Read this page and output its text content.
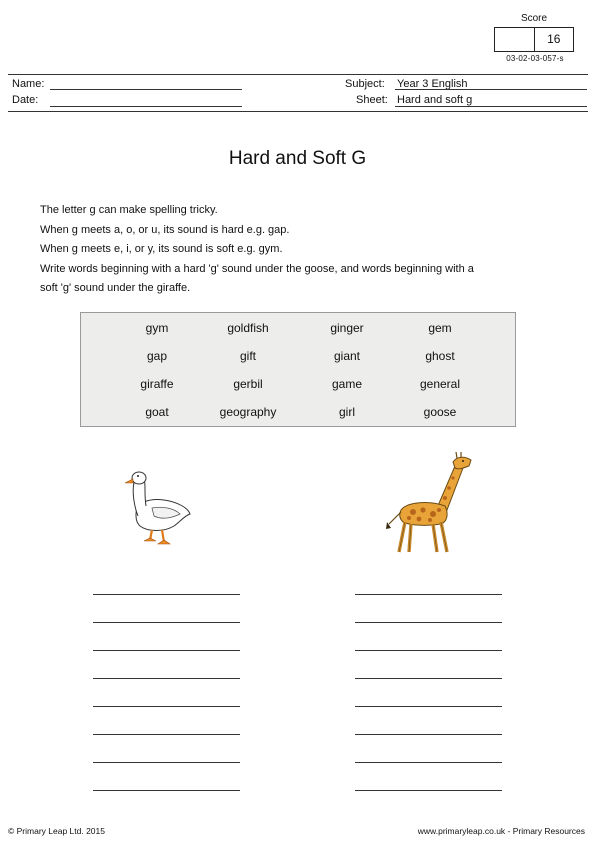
Score
16
03-02-03-057-s
Name:
Date:
Subject: Year 3 English
Sheet: Hard and soft g
Hard and Soft G

The letter g can make spelling tricky.

When g meets a, o, or u, its sound is hard e.g. gap.

When g meets e, i, or y, its sound is soft e.g. gym.

Write words beginning with a hard 'g' sound under the goose, and words beginning with a

soft 'g' sound under the giraffe.

gym	goldfish	ginger	gem
gap	gift	giant	ghost
giraffe	gerbil	game	general
goat	geography	girl	goose
© Primary Leap Ltd. 2015	www.primaryleap.co.uk - Primary Resources
